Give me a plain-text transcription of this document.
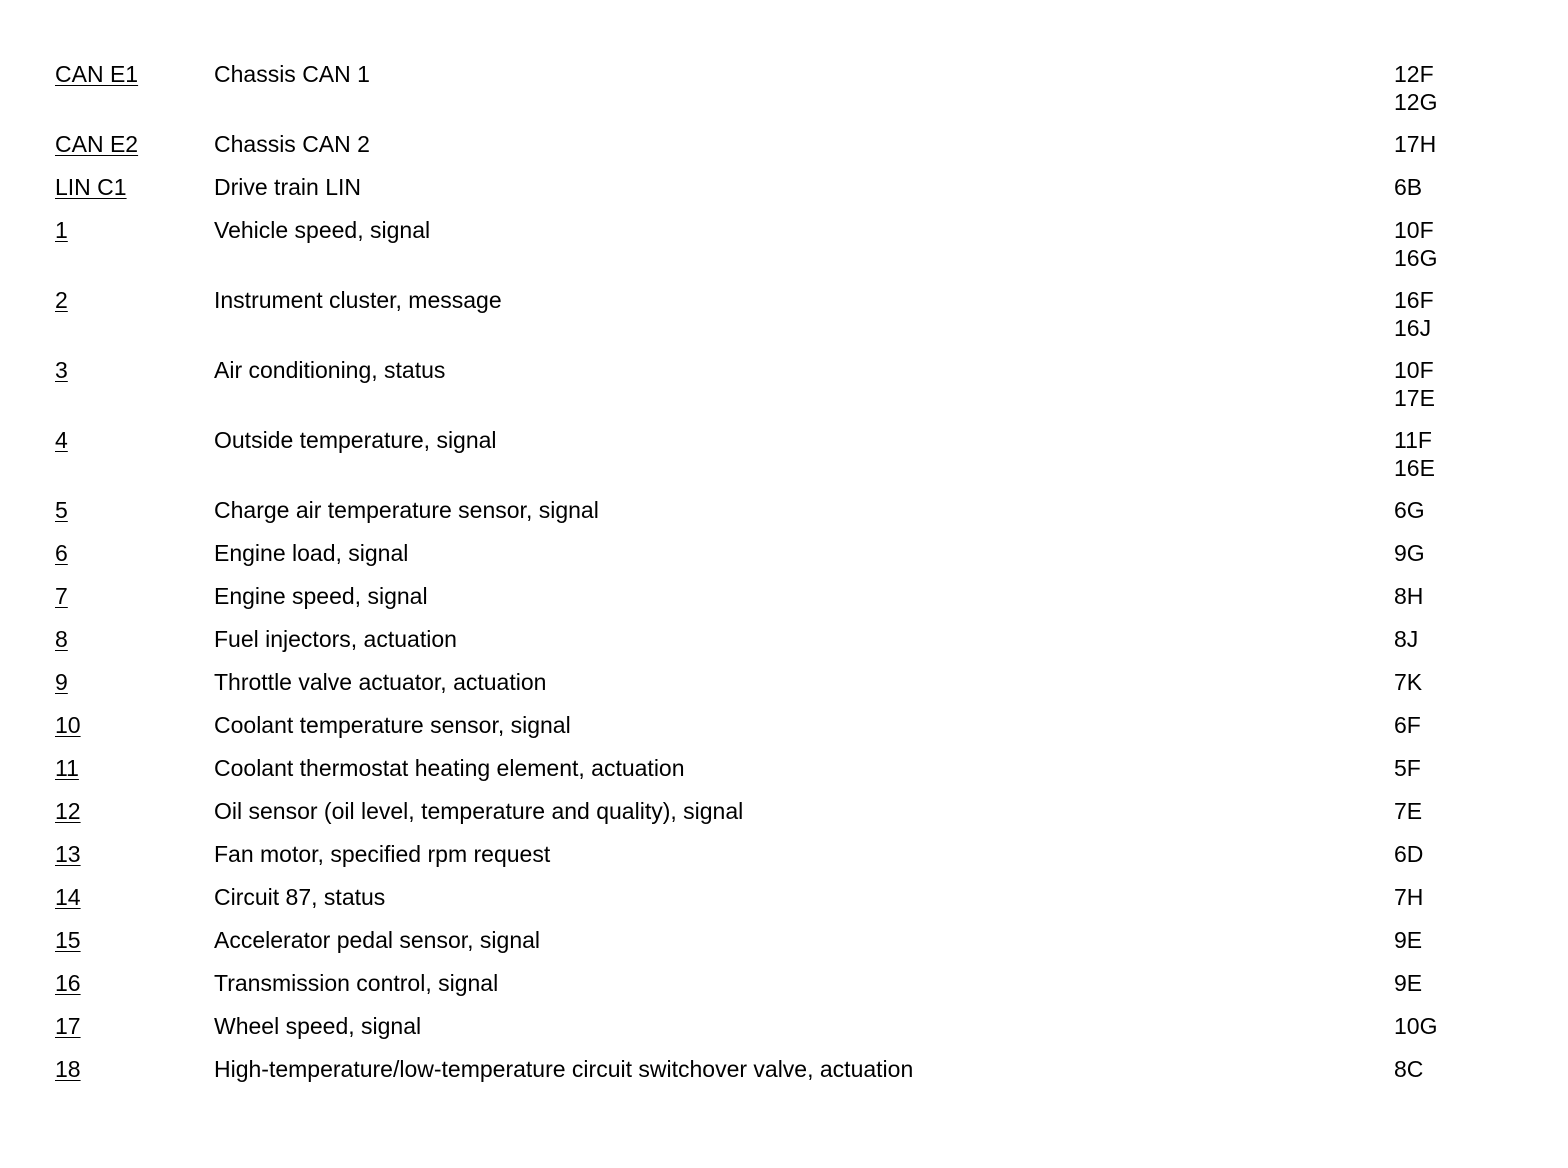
CAN E1	Chassis CAN 1	12F
12G
CAN E2	Chassis CAN 2	17H
LIN C1	Drive train LIN	6B
1	Vehicle speed, signal	10F
16G
2	Instrument cluster, message	16F
16J
3	Air conditioning, status	10F
17E
4	Outside temperature, signal	11F
16E
5	Charge air temperature sensor, signal	6G
6	Engine load, signal	9G
7	Engine speed, signal	8H
8	Fuel injectors, actuation	8J
9	Throttle valve actuator, actuation	7K
10	Coolant temperature sensor, signal	6F
11	Coolant thermostat heating element, actuation	5F
12	Oil sensor (oil level, temperature and quality), signal	7E
13	Fan motor, specified rpm request	6D
14	Circuit 87, status	7H
15	Accelerator pedal sensor, signal	9E
16	Transmission control, signal	9E
17	Wheel speed, signal	10G
18	High-temperature/low-temperature circuit switchover valve, actuation	8C
